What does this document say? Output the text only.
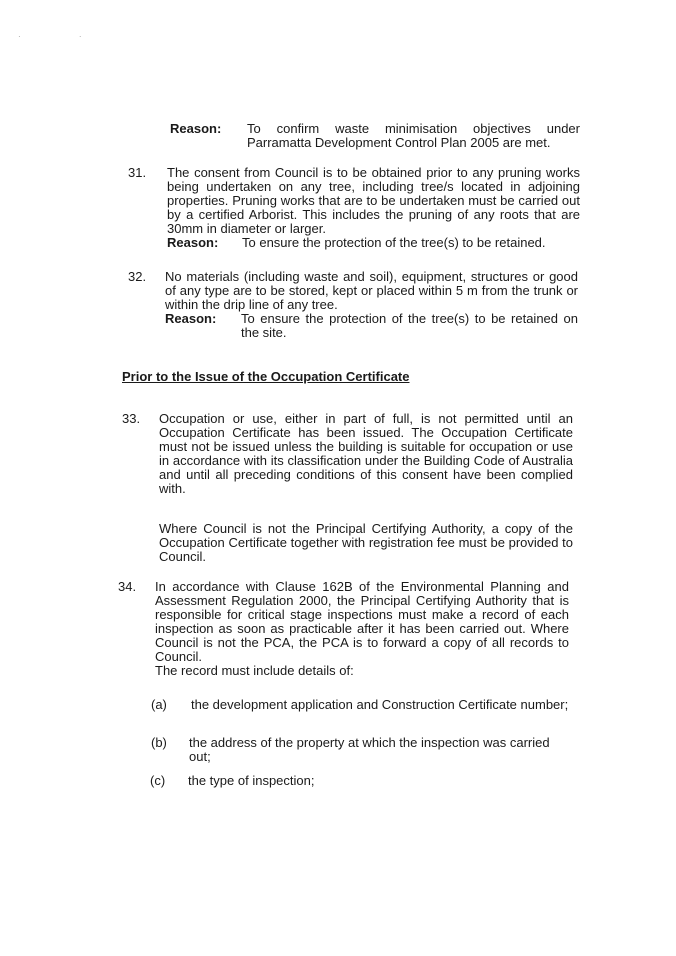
· ·
Reason: To confirm waste minimisation objectives under Parramatta Development Control Plan 2005 are met.

31. The consent from Council is to be obtained prior to any pruning works being undertaken on any tree, including tree/s located in adjoining properties. Pruning works that are to be undertaken must be carried out by a certified Arborist. This includes the pruning of any roots that are 30mm in diameter or larger.

Reason: To ensure the protection of the tree(s) to be retained.
32. No materials (including waste and soil), equipment, structures or good of any type are to be stored, kept or placed within 5 m from the trunk or within the drip line of any tree.

Reason: To ensure the protection of the tree(s) to be retained on the site.

Prior to the Issue of the Occupation Certificate
33. Occupation or use, either in part of full, is not permitted until an Occupation Certificate has been issued. The Occupation Certificate must not be issued unless the building is suitable for occupation or use in accordance with its classification under the Building Code of Australia and until all preceding conditions of this consent have been complied with.

Where Council is not the Principal Certifying Authority, a copy of the Occupation Certificate together with registration fee must be provided to Council.

34. In accordance with Clause 162B of the Environmental Planning and Assessment Regulation 2000, the Principal Certifying Authority that is responsible for critical stage inspections must make a record of each inspection as soon as practicable after it has been carried out. Where Council is not the PCA, the PCA is to forward a copy of all records to Council.

The record must include details of:

(a) the development application and Construction Certificate number;

(b) the address of the property at which the inspection was carried out;

(c) the type of inspection;
